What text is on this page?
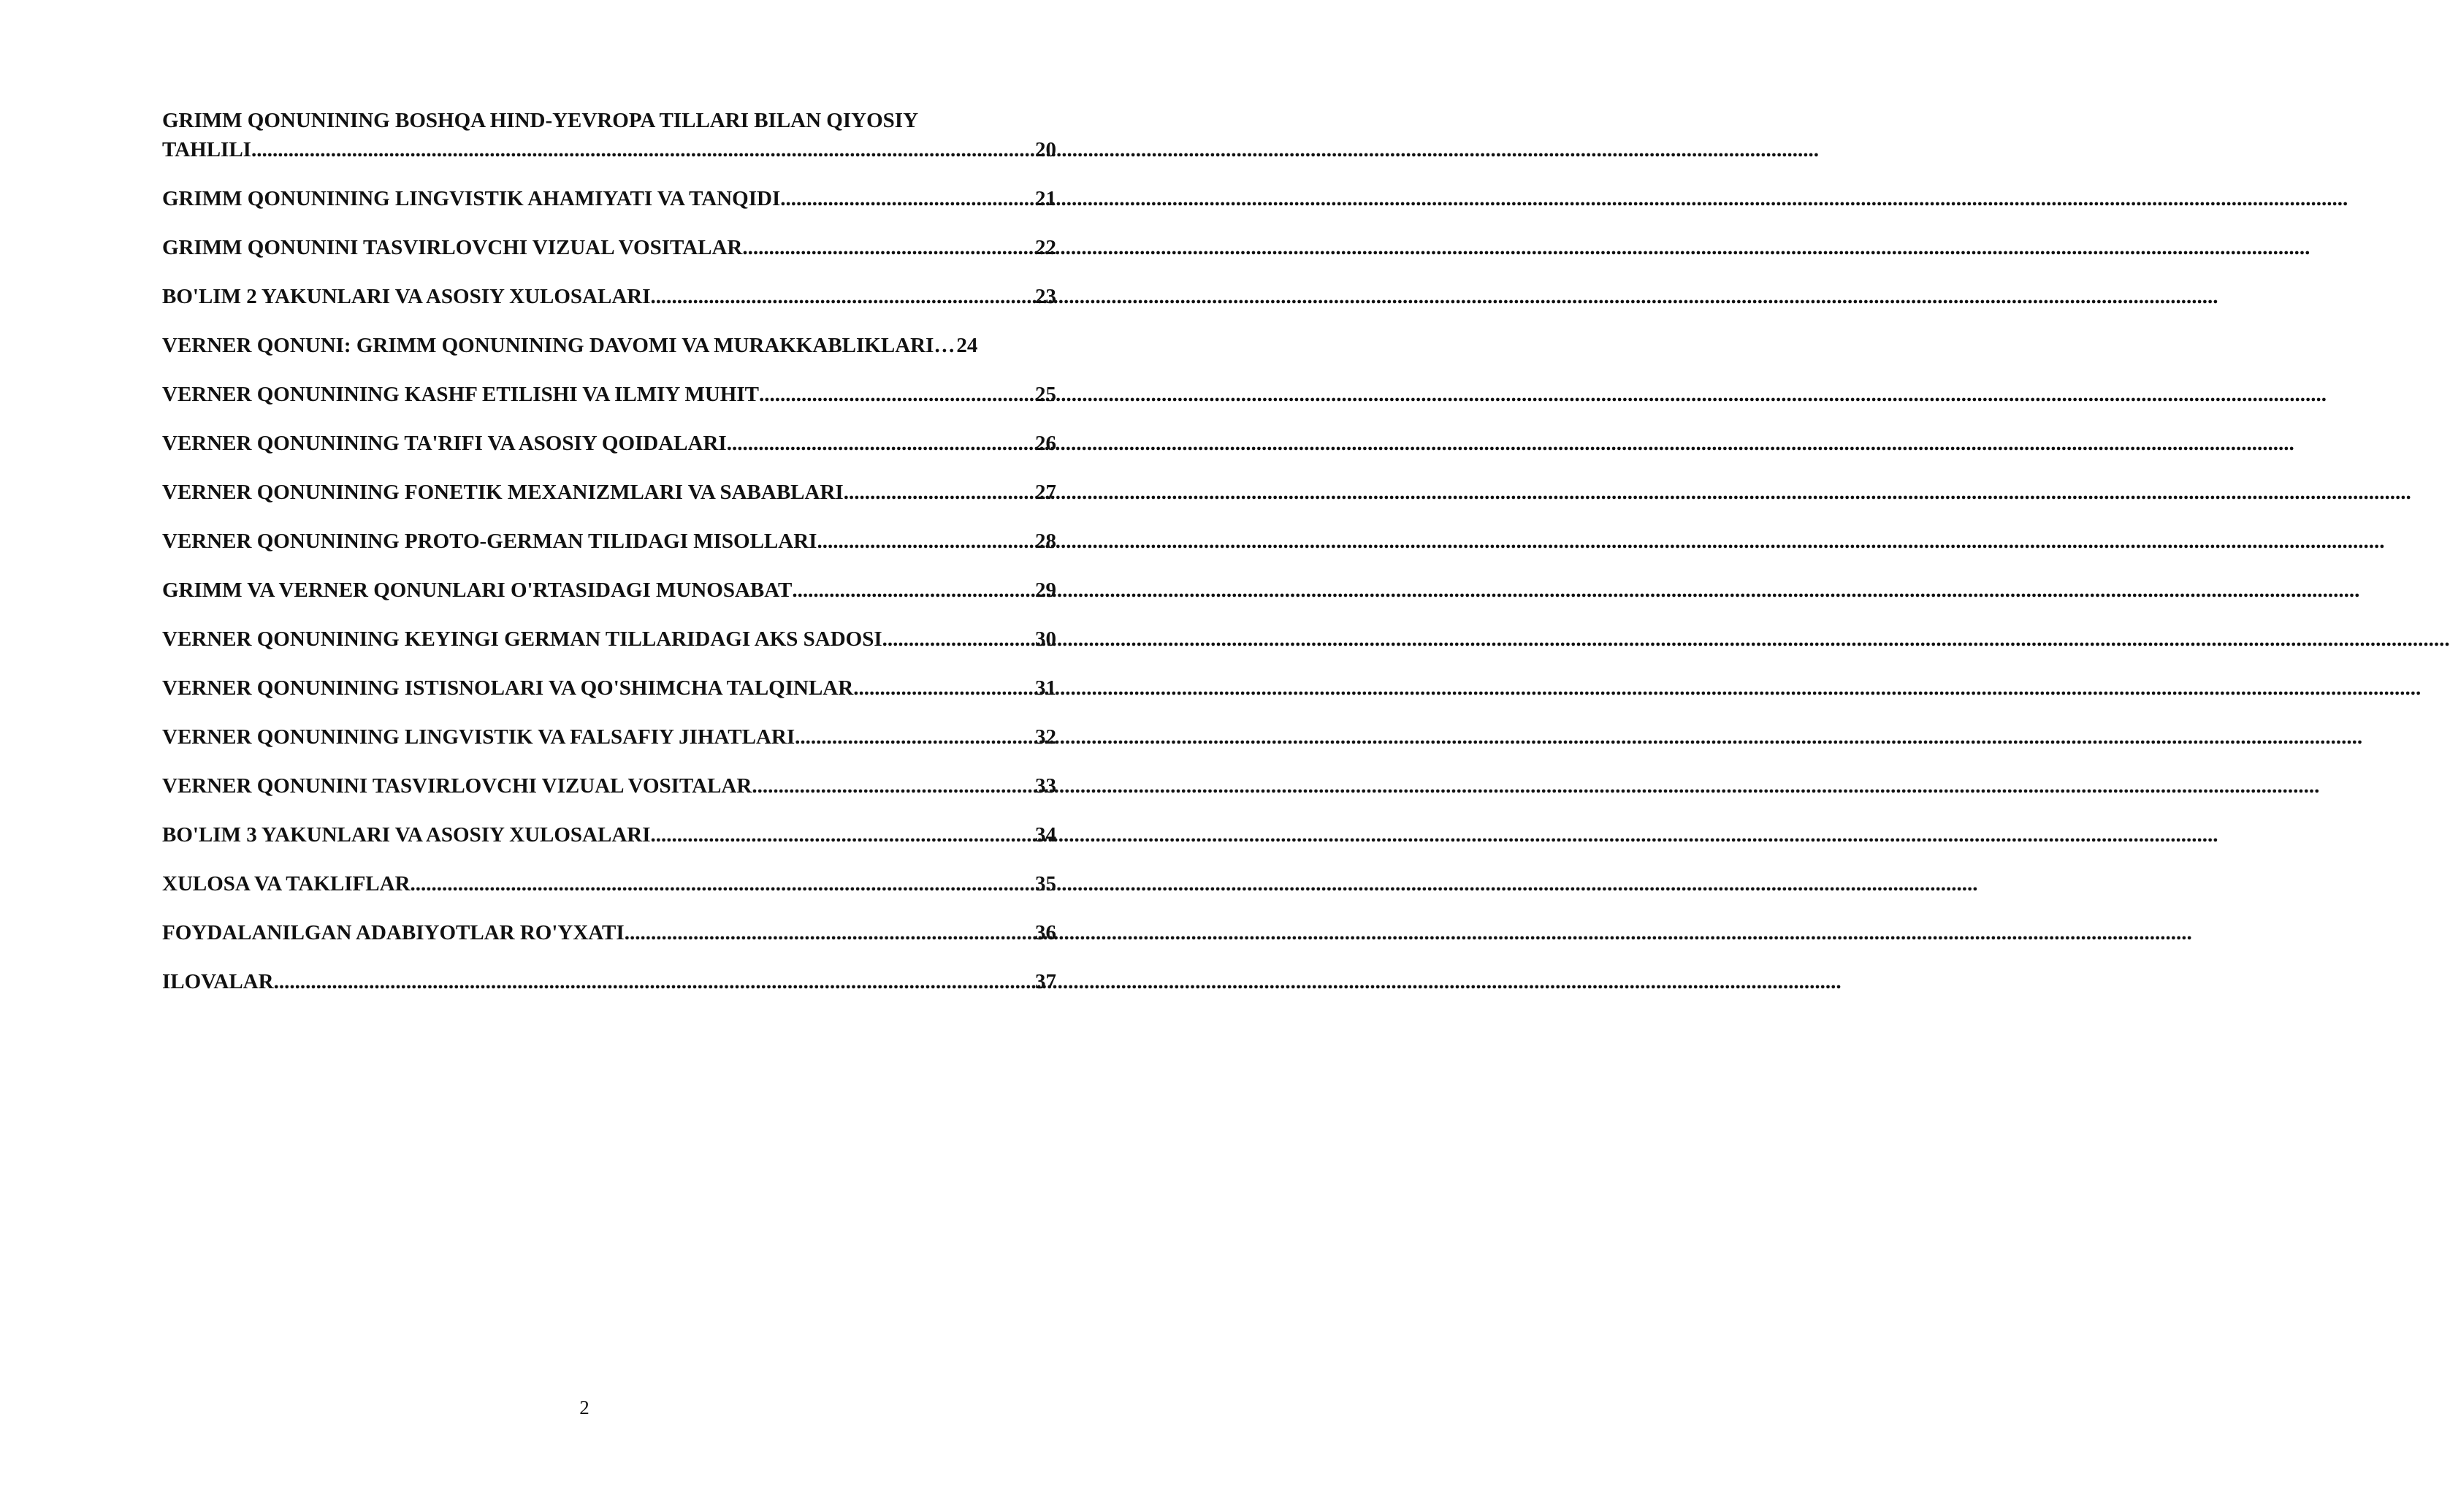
GRIMM QONUNINING BOSHQA HIND-YEVROPA TILLARI BILAN QIYOSIY
TAHLILI .....	20
GRIMM QONUNINING LINGVISTIK AHAMIYATI VA TANQIDI .....	21
GRIMM QONUNINI TASVIRLOVCHI VIZUAL VOSITALAR .....	22
BO'LIM 2 YAKUNLARI VA ASOSIY XULOSALARI .....	23
VERNER QONUNI: GRIMM QONUNINING DAVOMI VA MURAKKABLIKLARI… 24
VERNER QONUNINING KASHF ETILISHI VA ILMIY MUHIT .....	25
VERNER QONUNINING TA'RIFI VA ASOSIY QOIDALARI .....	26
VERNER QONUNINING FONETIK MEXANIZMLARI VA SABABLARI .....	27
VERNER QONUNINING PROTO-GERMAN TILIDAGI MISOLLARI .....	28
GRIMM VA VERNER QONUNLARI O'RTASIDAGI MUNOSABAT .....	29
VERNER QONUNINING KEYINGI GERMAN TILLARIDAGI AKS SADOSI .....	30
VERNER QONUNINING ISTISNOLARI VA QO'SHIMCHA TALQINLAR .....	31
VERNER QONUNINING LINGVISTIK VA FALSAFIY JIHATLARI .....	32
VERNER QONUNINI TASVIRLOVCHI VIZUAL VOSITALAR .....	33
BO'LIM 3 YAKUNLARI VA ASOSIY XULOSALARI .....	34
XULOSA VA TAKLIFLAR .....	35
FOYDALANILGAN ADABIYOTLAR RO'YXATI .....	36
ILOVALAR .....	37
2
